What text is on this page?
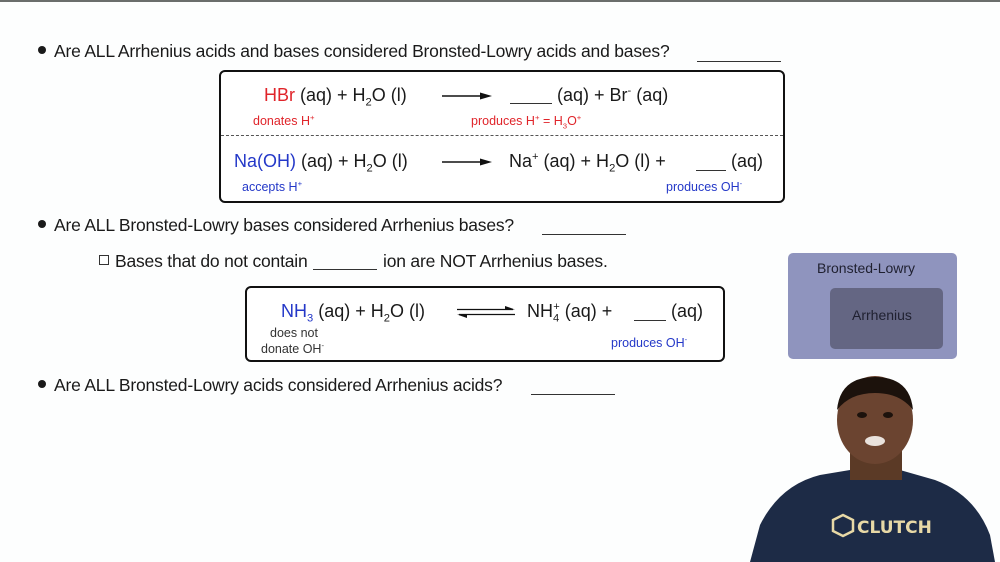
Are ALL Arrhenius acids and bases considered Bronsted-Lowry acids and bases?
HBr $(aq) + H_2O$ (l)	(aq) + Br- (aq)
donates H+	produces $H^+ = H_3O^+$
Na(OH) $(aq) + H_2O$ (l) → Na+ $(aq) + H_2O$ (l) +	(aq)
accepts H+	produces OH-
Are ALL Bronsted-Lowry bases considered Arrhenius bases?
Bases that do not contain	ion are NOT Arrhenius bases.
$NH_3$ $(aq) + H_2O$ (l) ⇌ $NH_4^+$ (aq) +	(aq)
does not
donate OH-	produces OH-
Are ALL Bronsted-Lowry acids considered Arrhenius acids?
Bronsted-Lowry
Arrhenius
CLUTCH
